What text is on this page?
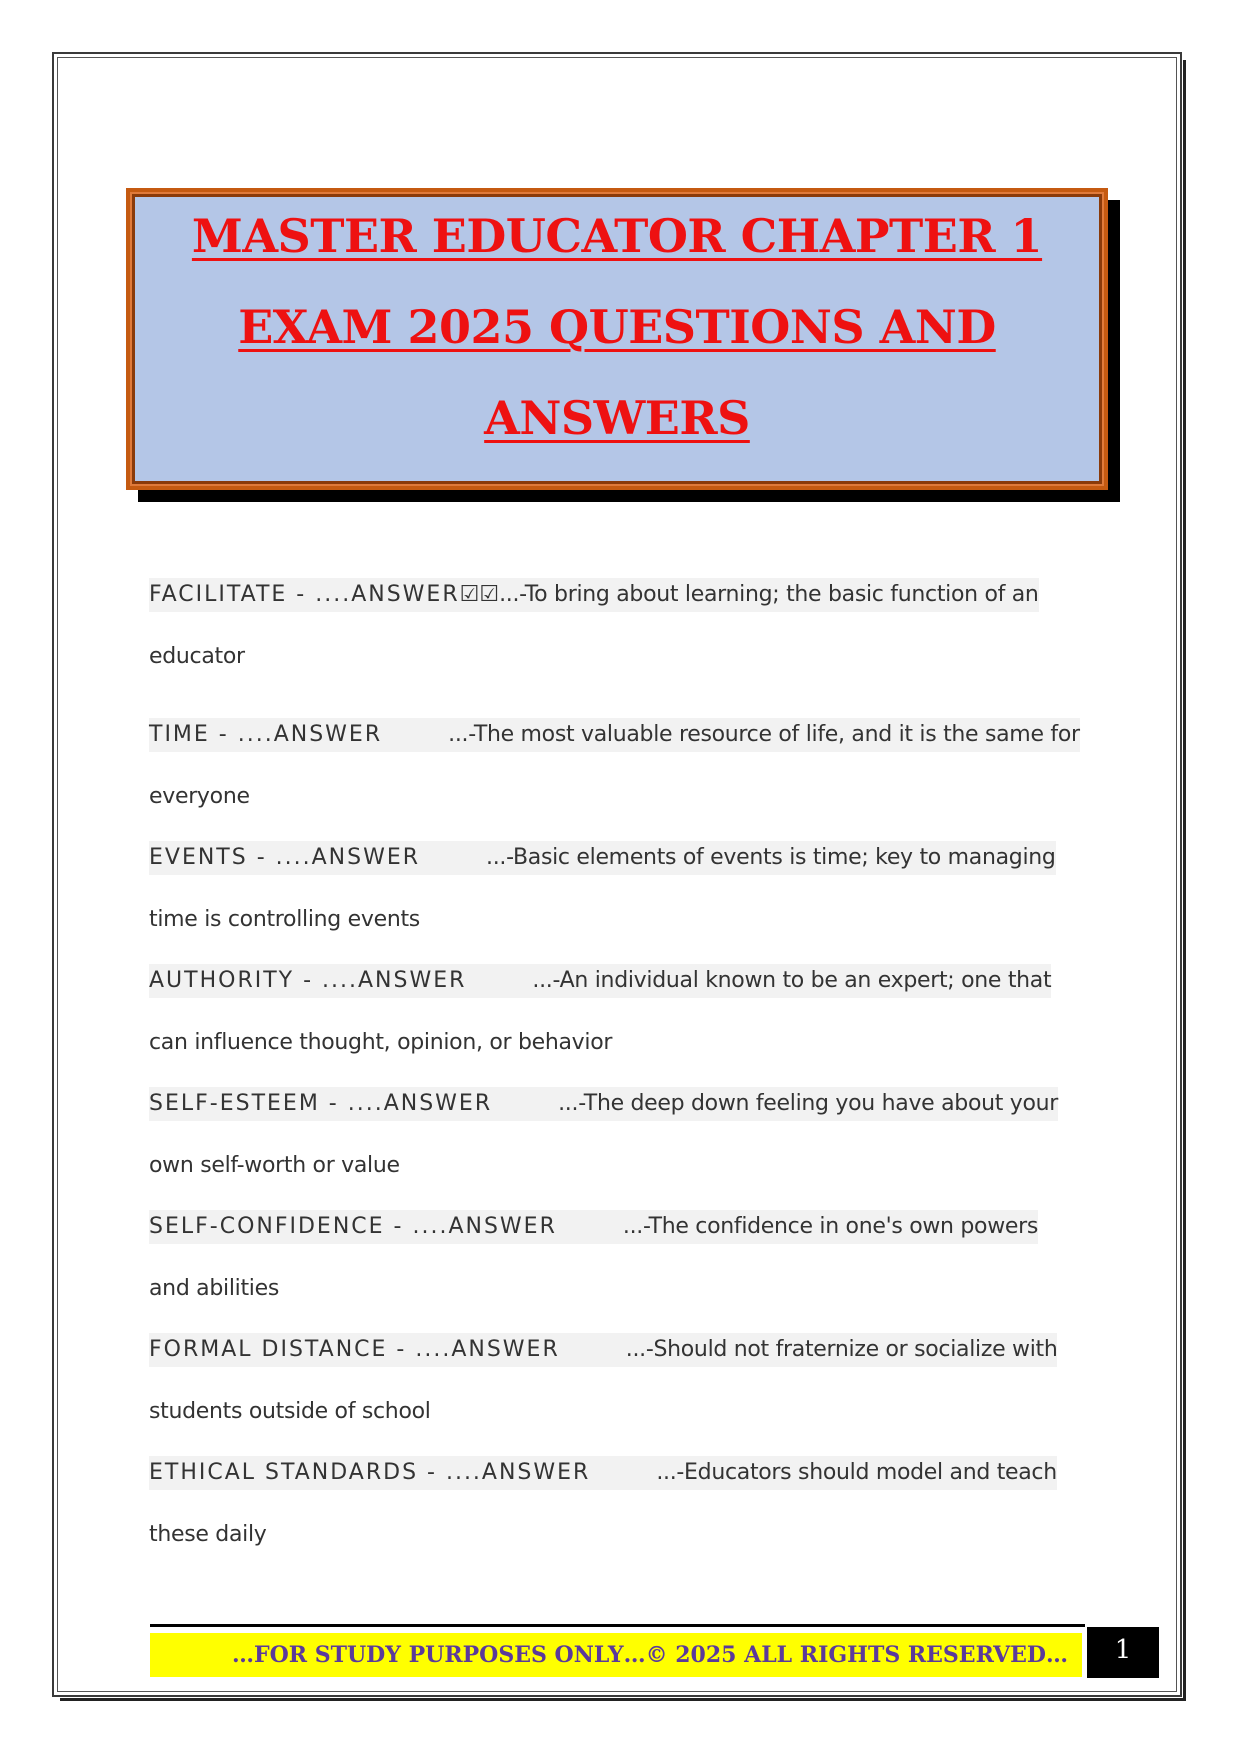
MASTER EDUCATOR CHAPTER 1
EXAM 2025 QUESTIONS AND
ANSWERS
FACILITATE - ....ANSWER☑☑...-To bring about learning; the basic function of an
educator
TIME - ....ANSWER	...-The most valuable resource of life, and it is the same for
everyone
EVENTS - ....ANSWER	...-Basic elements of events is time; key to managing
time is controlling events
AUTHORITY - ....ANSWER	...-An individual known to be an expert; one that
can influence thought, opinion, or behavior
SELF-ESTEEM - ....ANSWER	...-The deep down feeling you have about your
own self-worth or value
SELF-CONFIDENCE - ....ANSWER	...-The confidence in one's own powers
and abilities
FORMAL DISTANCE - ....ANSWER	...-Should not fraternize or socialize with
students outside of school
ETHICAL STANDARDS - ....ANSWER	...-Educators should model and teach
these daily
…FOR STUDY PURPOSES ONLY…© 2025 ALL RIGHTS RESERVED…	1
